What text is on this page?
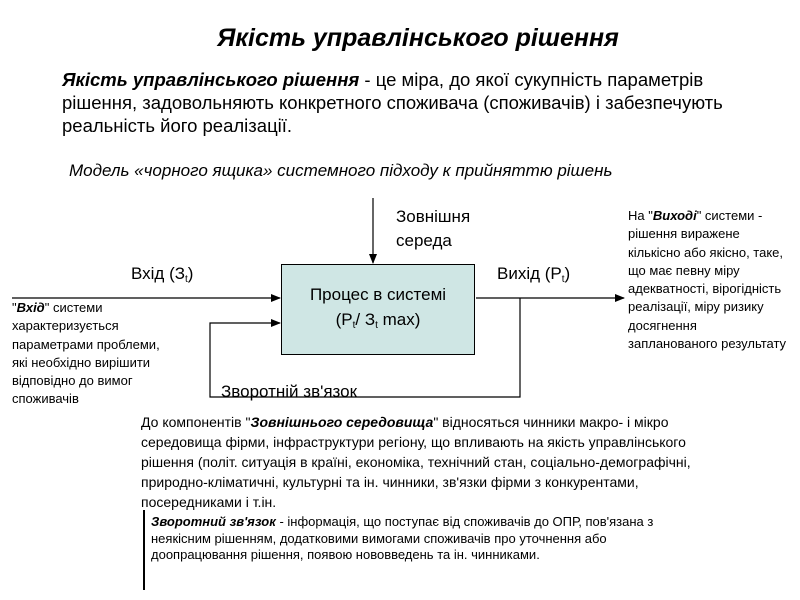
Якість управлінського рішення
Якість управлінського рішення - це міра, до якої сукупність параметрів рішення, задовольняють конкретного споживача (споживачів) і забезпечують реальність його реалізації.
Модель «чорного ящика» системного підходу к прийняттю рішень
Зовнішня
середа
Вхід $(З_t)$	Вихід $(Р_t)$
Процес в системі
($Р_t/$ $З_t$ max)
Зворотній зв'язок
"Вхід" системи характеризується параметрами проблеми, які необхідно вирішити відповідно до вимог споживачів
На "Виході" системи - рішення виражене кількісно або якісно, таке, що має певну міру адекватності, вірогідність реалізації, міру ризику досягнення запланованого результату
До компонентів "Зовнішнього середовища" відносяться чинники макро- і мікро середовища фірми, інфраструктури регіону, що впливають на якість управлінського рішення (політ. ситуація в країні, економіка, технічний стан, соціально-демографічні, природно-кліматичні, культурні та ін. чинники, зв'язки фірми з конкурентами, посередниками і т.ін.
Зворотний зв'язок - інформація, що поступає від споживачів до ОПР, пов'язана з неякісним рішенням, додатковими вимогами споживачів про уточнення або доопрацювання рішення, появою нововведень та ін. чинниками.
